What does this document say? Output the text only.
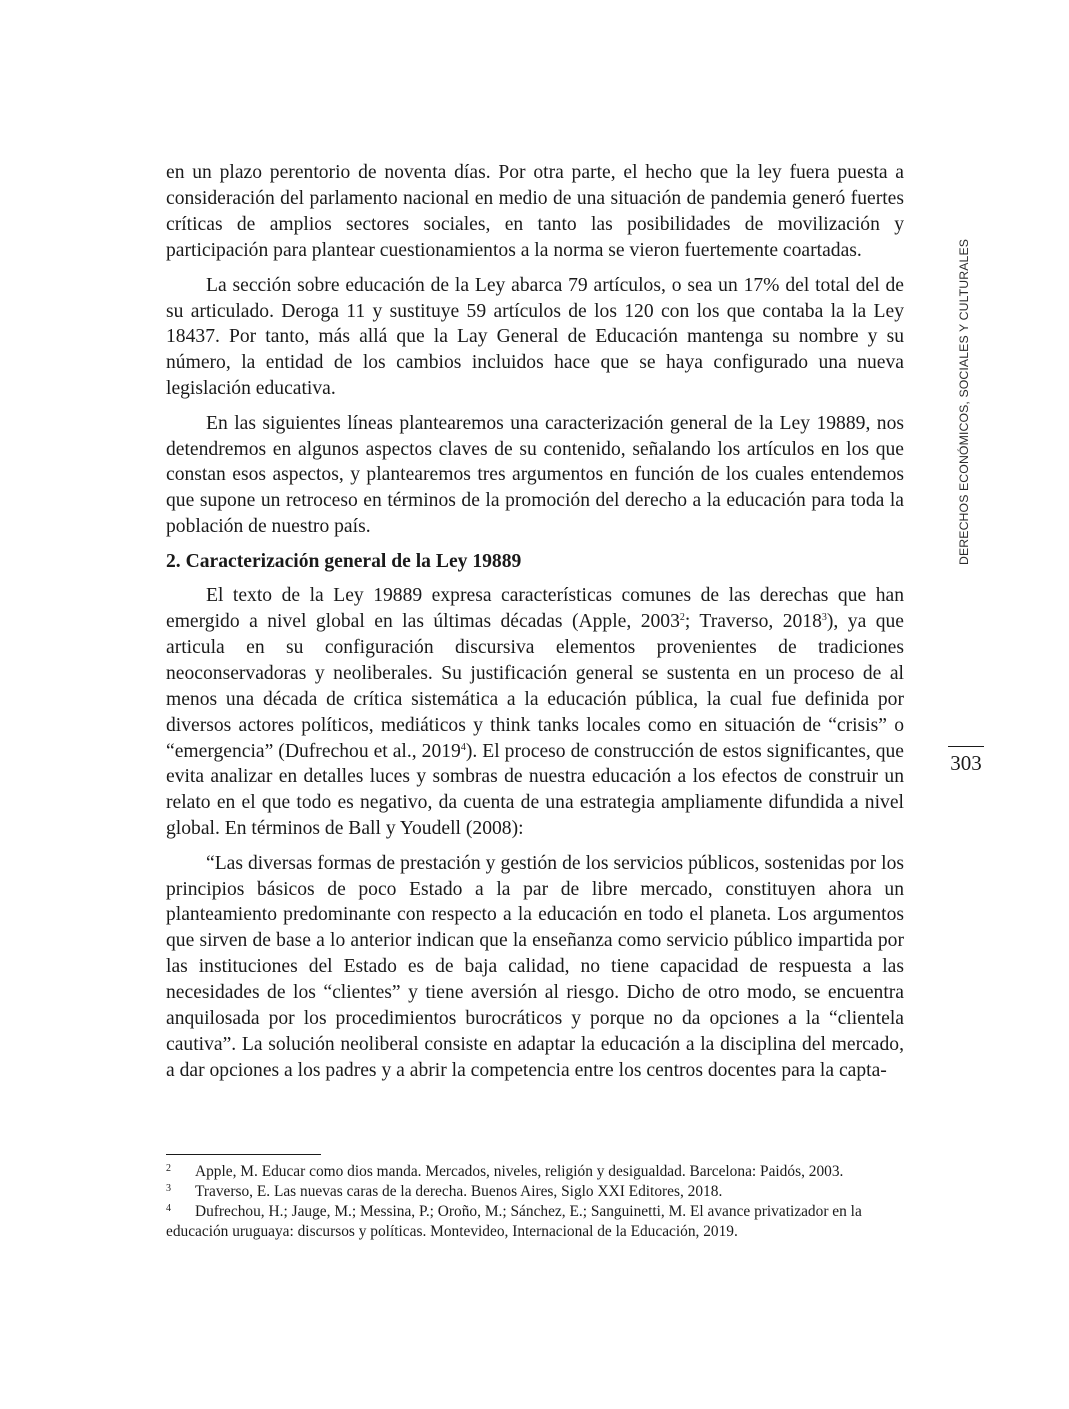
en un plazo perentorio de noventa días. Por otra parte, el hecho que la ley fuera puesta a consideración del parlamento nacional en medio de una situación de pandemia generó fuertes críticas de amplios sectores sociales, en tanto las posibilidades de movilización y participación para plantear cuestionamientos a la norma se vieron fuertemente coartadas.

La sección sobre educación de la Ley abarca 79 artículos, o sea un 17% del total del de su articulado. Deroga 11 y sustituye 59 artículos de los 120 con los que contaba la la Ley 18437. Por tanto, más allá que la Lay General de Educación mantenga su nombre y su número, la entidad de los cambios incluidos hace que se haya configurado una nueva legislación educativa.

En las siguientes líneas plantearemos una caracterización general de la Ley 19889, nos detendremos en algunos aspectos claves de su contenido, señalando los artículos en los que constan esos aspectos, y plantearemos tres argumentos en función de los cuales entendemos que supone un retroceso en términos de la promoción del derecho a la educación para toda la población de nuestro país.

2. Caracterización general de la Ley 19889

El texto de la Ley 19889 expresa características comunes de las derechas que han emergido a nivel global en las últimas décadas (Apple, 2003$^2$; Traverso, 2018$^3$), ya que articula en su configuración discursiva elementos provenientes de tradiciones neoconservadoras y neoliberales. Su justificación general se sustenta en un proceso de al menos una década de crítica sistemática a la educación pública, la cual fue definida por diversos actores políticos, mediáticos y think tanks locales como en situación de “crisis” o “emergencia” (Dufrechou et al., 2019$^4$). El proceso de construcción de estos significantes, que evita analizar en detalles luces y sombras de nuestra educación a los efectos de construir un relato en el que todo es negativo, da cuenta de una estrategia ampliamente difundida a nivel global. En términos de Ball y Youdell (2008):

“Las diversas formas de prestación y gestión de los servicios públicos, sostenidas por los principios básicos de poco Estado a la par de libre mercado, constituyen ahora un planteamiento predominante con respecto a la educación en todo el planeta. Los argumentos que sirven de base a lo anterior indican que la enseñanza como servicio público impartida por las instituciones del Estado es de baja calidad, no tiene capacidad de respuesta a las necesidades de los “clientes” y tiene aversión al riesgo. Dicho de otro modo, se encuentra anquilosada por los procedimientos burocráticos y porque no da opciones a la “clientela cautiva”. La solución neoliberal consiste en adaptar la educación a la disciplina del mercado, a dar opciones a los padres y a abrir la competencia entre los centros docentes para la capta-

2 Apple, M. Educar como dios manda. Mercados, niveles, religión y desigualdad. Barcelona: Paidós, 2003.

3 Traverso, E. Las nuevas caras de la derecha. Buenos Aires, Siglo XXI Editores, 2018.

4 Dufrechou, H.; Jauge, M.; Messina, P.; Oroño, M.; Sánchez, E.; Sanguinetti, M. El avance privatizador en la educación uruguaya: discursos y políticas. Montevideo, Internacional de la Educación, 2019.

DERECHOS ECONÓMICOS, SOCIALES Y CULTURALES
303
